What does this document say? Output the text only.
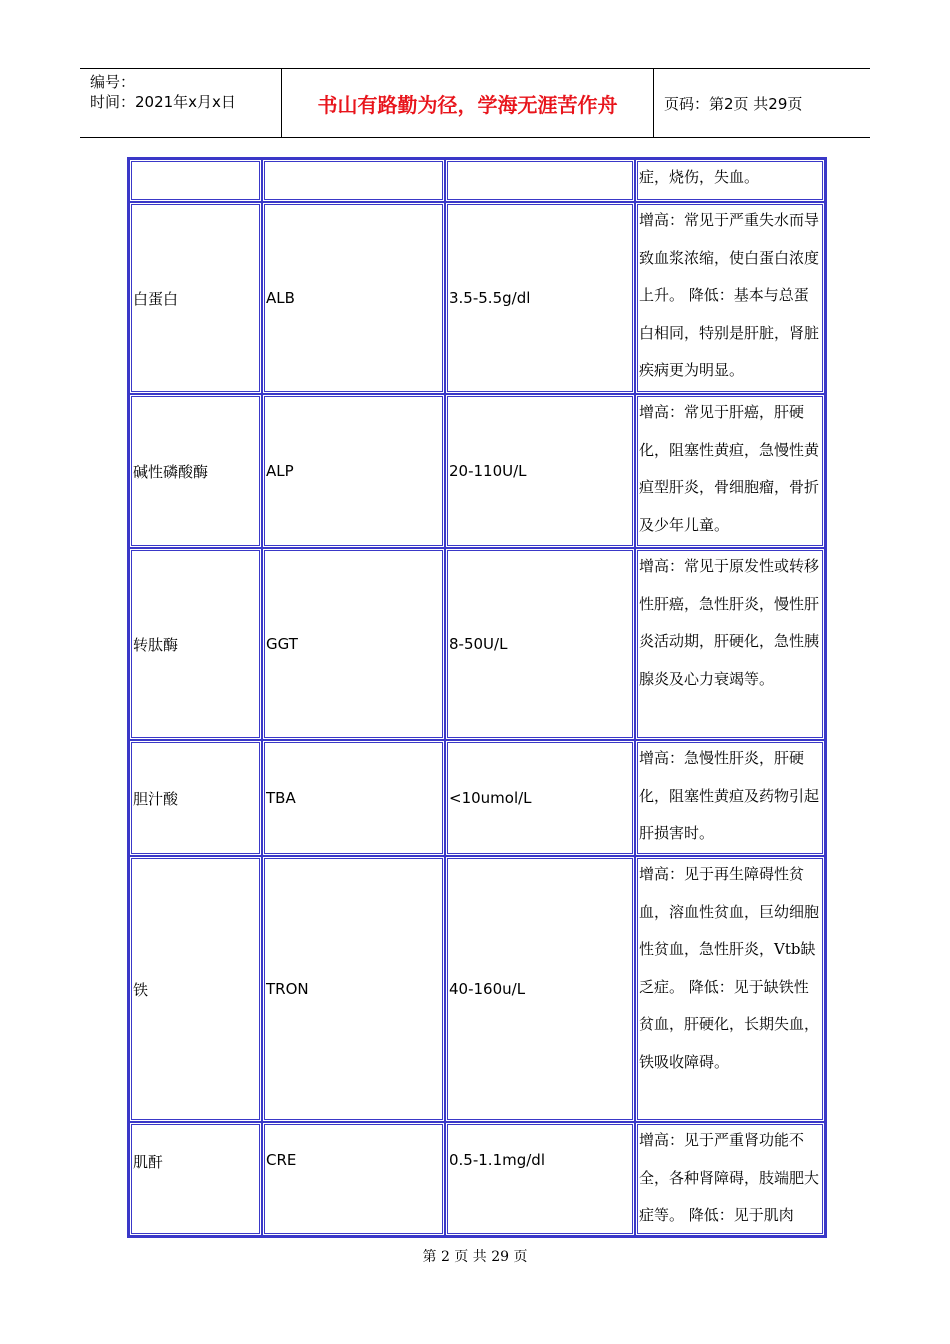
编号：
时间：2021年x月x日	书山有路勤为径，学海无涯苦作舟	页码：第2页 共29页

			症，烧伤，失血。

白蛋白	ALB	3.5-5.5g/dl	增高：常见于严重失水而导致血浆浓缩，使白蛋白浓度上升。 降低：基本与总蛋白相同，特别是肝脏，肾脏疾病更为明显。

碱性磷酸酶	ALP	20-110U/L	增高：常见于肝癌，肝硬化，阻塞性黄疸，急慢性黄疸型肝炎，骨细胞瘤，骨折及少年儿童。

转肽酶	GGT	8-50U/L	增高：常见于原发性或转移性肝癌，急性肝炎，慢性肝炎活动期，肝硬化，急性胰腺炎及心力衰竭等。

胆汁酸	TBA	<10umol/L	增高：急慢性肝炎，肝硬化，阻塞性黄疸及药物引起肝损害时。

铁	TRON	40-160u/L	增高：见于再生障碍性贫血，溶血性贫血，巨幼细胞性贫血，急性肝炎，Vtb缺乏症。 降低：见于缺铁性贫血，肝硬化，长期失血，铁吸收障碍。

肌酐	CRE	0.5-1.1mg/dl	增高：见于严重肾功能不全，各种肾障碍，肢端肥大症等。 降低：见于肌肉
第 2 页 共 29 页
